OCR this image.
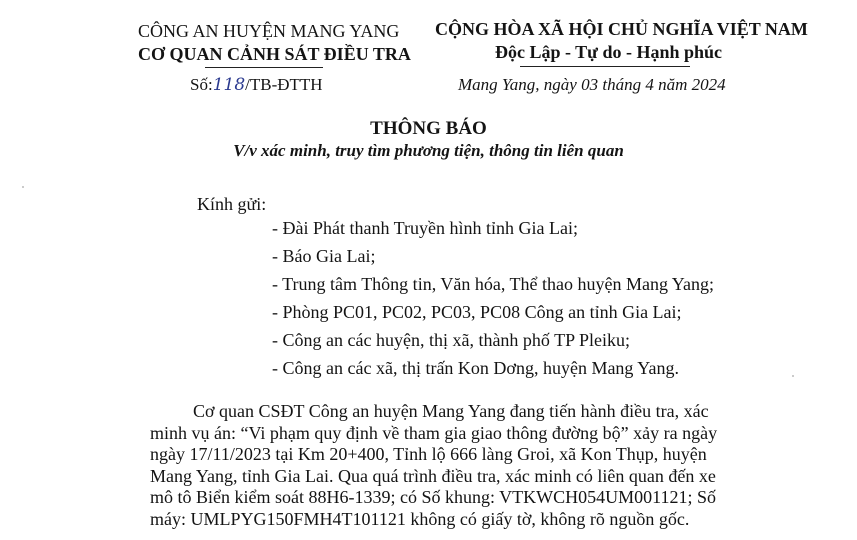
CÔNG AN HUYỆN MANG YANG
CƠ QUAN CẢNH SÁT ĐIỀU TRA
Số:118/TB-ĐTTH
CỘNG HÒA XÃ HỘI CHỦ NGHĨA VIỆT NAM
Độc Lập - Tự do - Hạnh phúc
Mang Yang, ngày 03 tháng 4 năm 2024
THÔNG BÁO
V/v xác minh, truy tìm phương tiện, thông tin liên quan
Kính gửi:
- Đài Phát thanh Truyền hình tỉnh Gia Lai;
- Báo Gia Lai;
- Trung tâm Thông tin, Văn hóa, Thể thao huyện Mang Yang;
- Phòng PC01, PC02, PC03, PC08 Công an tỉnh Gia Lai;
- Công an các huyện, thị xã, thành phố TP Pleiku;
- Công an các xã, thị trấn Kon Dơng, huyện Mang Yang.

Cơ quan CSĐT Công an huyện Mang Yang đang tiến hành điều tra, xác
minh vụ án: “Vi phạm quy định về tham gia giao thông đường bộ” xảy ra ngày
ngày 17/11/2023 tại Km 20+400, Tỉnh lộ 666 làng Groi, xã Kon Thụp, huyện
Mang Yang, tỉnh Gia Lai. Qua quá trình điều tra, xác minh có liên quan đến xe
mô tô Biển kiểm soát 88H6-1339; có Số khung: VTKWCH054UM001121; Số
máy: UMLPYG150FMH4T101121 không có giấy tờ, không rõ nguồn gốc.
